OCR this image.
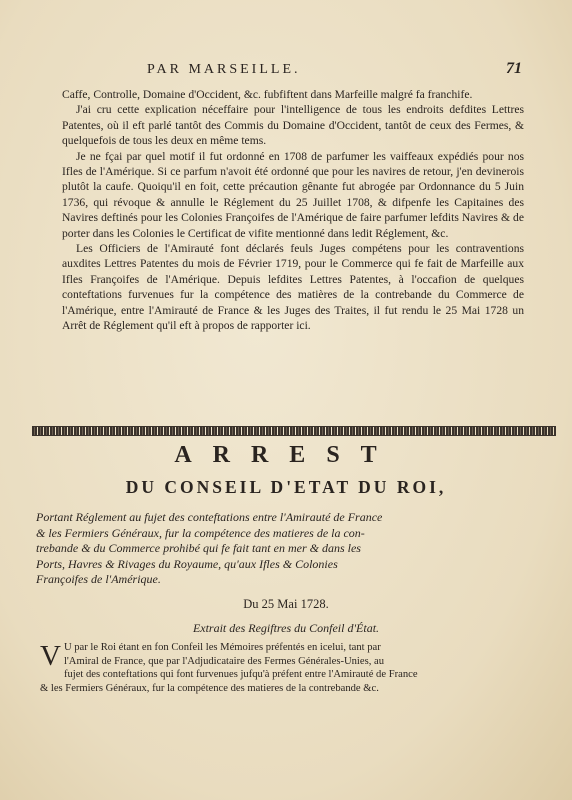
PAR MARSEILLE.	71

Caffe, Controlle, Domaine d'Occident, &c. fubfiftent dans Marfeille malgré fa franchife.

J'ai cru cette explication néceffaire pour l'intelligence de tous les endroits defdites Lettres Patentes, où il eft parlé tantôt des Commis du Domaine d'Occident, tantôt de ceux des Fermes, & quelquefois de tous les deux en même tems.

Je ne fçai par quel motif il fut ordonné en 1708 de parfumer les vaiffeaux expédiés pour nos Ifles de l'Amérique. Si ce parfum n'avoit été ordonné que pour les navires de retour, j'en devinerois plutôt la caufe. Quoiqu'il en foit, cette précaution gênante fut abrogée par Ordonnance du 5 Juin 1736, qui révoque & annulle le Réglement du 25 Juillet 1708, & difpenfe les Capitaines des Navires deftinés pour les Colonies Françoifes de l'Amérique de faire parfumer lefdits Navires & de porter dans les Colonies le Certificat de vifite mentionné dans ledit Réglement, &c.

Les Officiers de l'Amirauté font déclarés feuls Juges compétens pour les contraventions auxdites Lettres Patentes du mois de Février 1719, pour le Commerce qui fe fait de Marfeille aux Ifles Françoifes de l'Amérique. Depuis lefdites Lettres Patentes, à l'occafion de quelques conteftations furvenues fur la compétence des matières de la contrebande du Commerce de l'Amérique, entre l'Amirauté de France & les Juges des Traites, il fut rendu le 25 Mai 1728 un Arrêt de Réglement qu'il eft à propos de rapporter ici.

ARREST
DU CONSEIL D'ETAT DU ROI,
Portant Réglement au fujet des conteftations entre l'Amirauté de France
& les Fermiers Généraux, fur la compétence des matieres de la con-
trebande & du Commerce prohibé qui fe fait tant en mer & dans les
Ports, Havres & Rivages du Royaume, qu'aux Ifles & Colonies
Françoifes de l'Amérique.
Du 25 Mai 1728.
Extrait des Regiftres du Confeil d'État.
V U par le Roi étant en fon Confeil les Mémoires préfentés en icelui, tant par
l'Amiral de France, que par l'Adjudicataire des Fermes Générales-Unies, au
fujet des conteftations qui font furvenues jufqu'à préfent entre l'Amirauté de France
& les Fermiers Généraux, fur la compétence des matieres de la contrebande &c.
